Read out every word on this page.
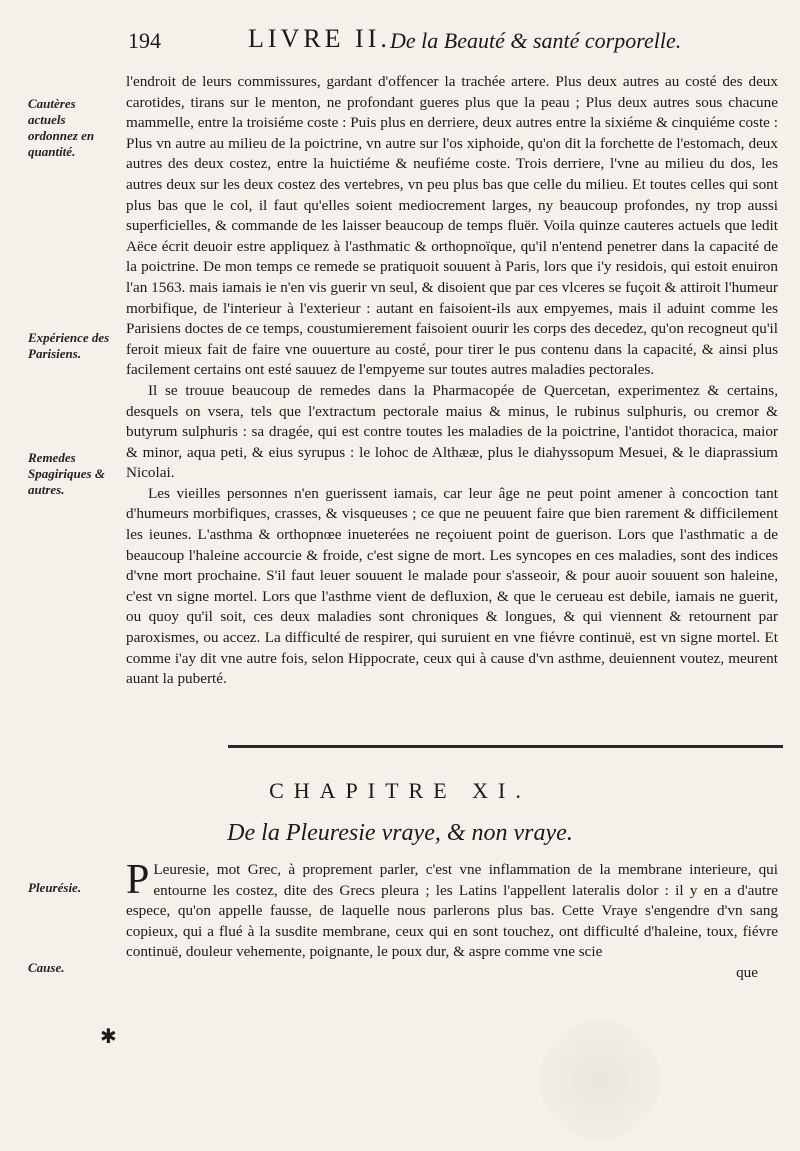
194	LIVRE II. De la Beauté & santé corporelle.
Cautères actuels ordonnez en quantité.
Expérience des Parisiens.
Remedes Spagiriques & autres.

l'endroit de leurs commissures, gardant d'offencer la trachée artere. Plus deux autres au costé des deux carotides, tirans sur le menton, ne profondant gueres plus que la peau ; Plus deux autres sous chacune mammelle, entre la troisiéme coste : Puis plus en derriere, deux autres entre la sixiéme & cinquiéme coste : Plus vn autre au milieu de la poictrine, vn autre sur l'os xiphoide, qu'on dit la forchette de l'estomach, deux autres des deux costez, entre la huictiéme & neufiéme coste. Trois derriere, l'vne au milieu du dos, les autres deux sur les deux costez des vertebres, vn peu plus bas que celle du milieu. Et toutes celles qui sont plus bas que le col, il faut qu'elles soient mediocrement larges, ny beaucoup profondes, ny trop aussi superficielles, & commande de les laisser beaucoup de temps fluër. Voila quinze cauteres actuels que ledit Aëce écrit deuoir estre appliquez à l'asthmatic & orthopnoïque, qu'il n'entend penetrer dans la capacité de la poictrine. De mon temps ce remede se pratiquoit souuent à Paris, lors que i'y residois, qui estoit enuiron l'an 1563. mais iamais ie n'en vis guerir vn seul, & disoient que par ces vlceres se fuçoit & attiroit l'humeur morbifique, de l'interieur à l'exterieur : autant en faisoient-ils aux empyemes, mais il aduint comme les Parisiens doctes de ce temps, coustumierement faisoient ouurir les corps des decedez, qu'on recogneut qu'il feroit mieux fait de faire vne ouuerture au costé, pour tirer le pus contenu dans la capacité, & ainsi plus facilement certains ont esté sauuez de l'empyeme sur toutes autres maladies pectorales.

Il se trouue beaucoup de remedes dans la Pharmacopée de Quercetan, experimentez & certains, desquels on vsera, tels que l'extractum pectorale maius & minus, le rubinus sulphuris, ou cremor & butyrum sulphuris : sa dragée, qui est contre toutes les maladies de la poictrine, l'antidot thoracica, maior & minor, aqua peti, & eius syrupus : le lohoc de Althææ, plus le diahyssopum Mesuei, & le diaprassium Nicolai.

Les vieilles personnes n'en guerissent iamais, car leur âge ne peut point amener à concoction tant d'humeurs morbifiques, crasses, & visqueuses ; ce que ne peuuent faire que bien rarement & difficilement les ieunes. L'asthma & orthopnœe inueterées ne reçoiuent point de guerison. Lors que l'asthmatic a de beaucoup l'haleine accourcie & froide, c'est signe de mort. Les syncopes en ces maladies, sont des indices d'vne mort prochaine. S'il faut leuer souuent le malade pour s'asseoir, & pour auoir souuent son haleine, c'est vn signe mortel. Lors que l'asthme vient de defluxion, & que le cerueau est debile, iamais ne guerit, ou quoy qu'il soit, ces deux maladies sont chroniques & longues, & qui viennent & retournent par paroxismes, ou accez. La difficulté de respirer, qui suruient en vne fiévre continuë, est vn signe mortel. Et comme i'ay dit vne autre fois, selon Hippocrate, ceux qui à cause d'vn asthme, deuiennent voutez, meurent auant la puberté.

CHAPITRE XI.
De la Pleuresie vraye, & non vraye.
Pleurésie.
Cause.
✱

P Leuresie, mot Grec, à proprement parler, c'est vne inflammation de la membrane interieure, qui entourne les costez, dite des Grecs pleura ; les Latins l'appellent lateralis dolor : il y en a d'autre espece, qu'on appelle fausse, de laquelle nous parlerons plus bas. Cette Vraye s'engendre d'vn sang copieux, qui a flué à la susdite membrane, ceux qui en sont touchez, ont difficulté d'haleine, toux, fiévre continuë, douleur vehemente, poignante, le poux dur, & aspre comme vne scie

que
